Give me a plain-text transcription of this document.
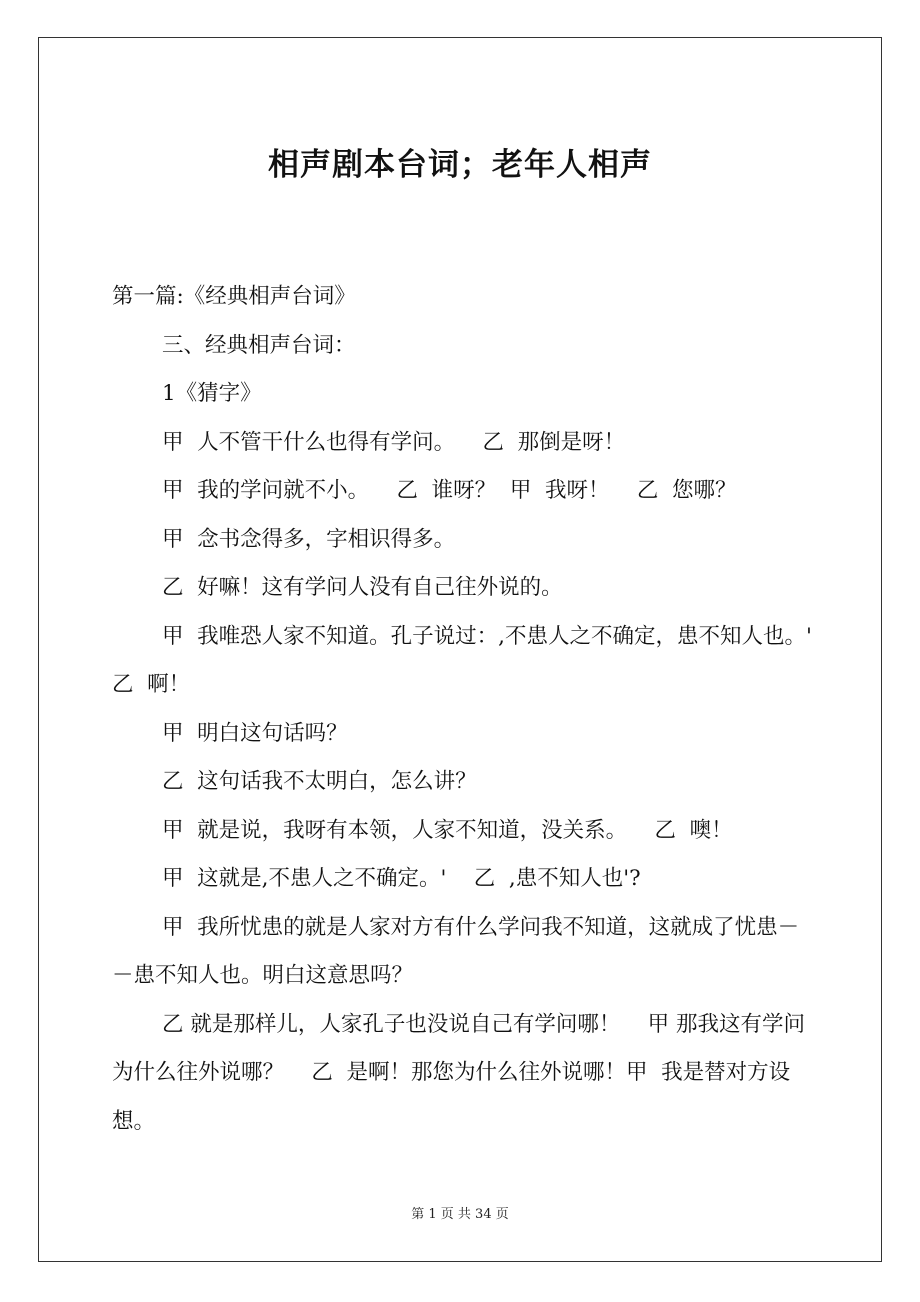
相声剧本台词；老年人相声

第一篇:《经典相声台词》

三、经典相声台词：

1《猜字》

甲  人不管干什么也得有学问。    乙  那倒是呀！

甲  我的学问就不小。    乙  谁呀？  甲  我呀！    乙  您哪？

甲  念书念得多，字相识得多。

乙  好嘛！这有学问人没有自己往外说的。

甲  我唯恐人家不知道。孔子说过：,不患人之不确定，患不知人也。'   乙  啊！

甲  明白这句话吗？

乙  这句话我不太明白，怎么讲？

甲  就是说，我呀有本领，人家不知道，没关系。    乙  噢！

甲  这就是,不患人之不确定。'    乙  ,患不知人也'?

甲  我所忧患的就是人家对方有什么学问我不知道，这就成了忧患－－患不知人也。明白这意思吗？

乙 就是那样儿，人家孔子也没说自己有学问哪！    甲 那我这有学问为什么往外说哪？    乙  是啊！那您为什么往外说哪！甲  我是替对方设想。

第 1 页 共 34 页
